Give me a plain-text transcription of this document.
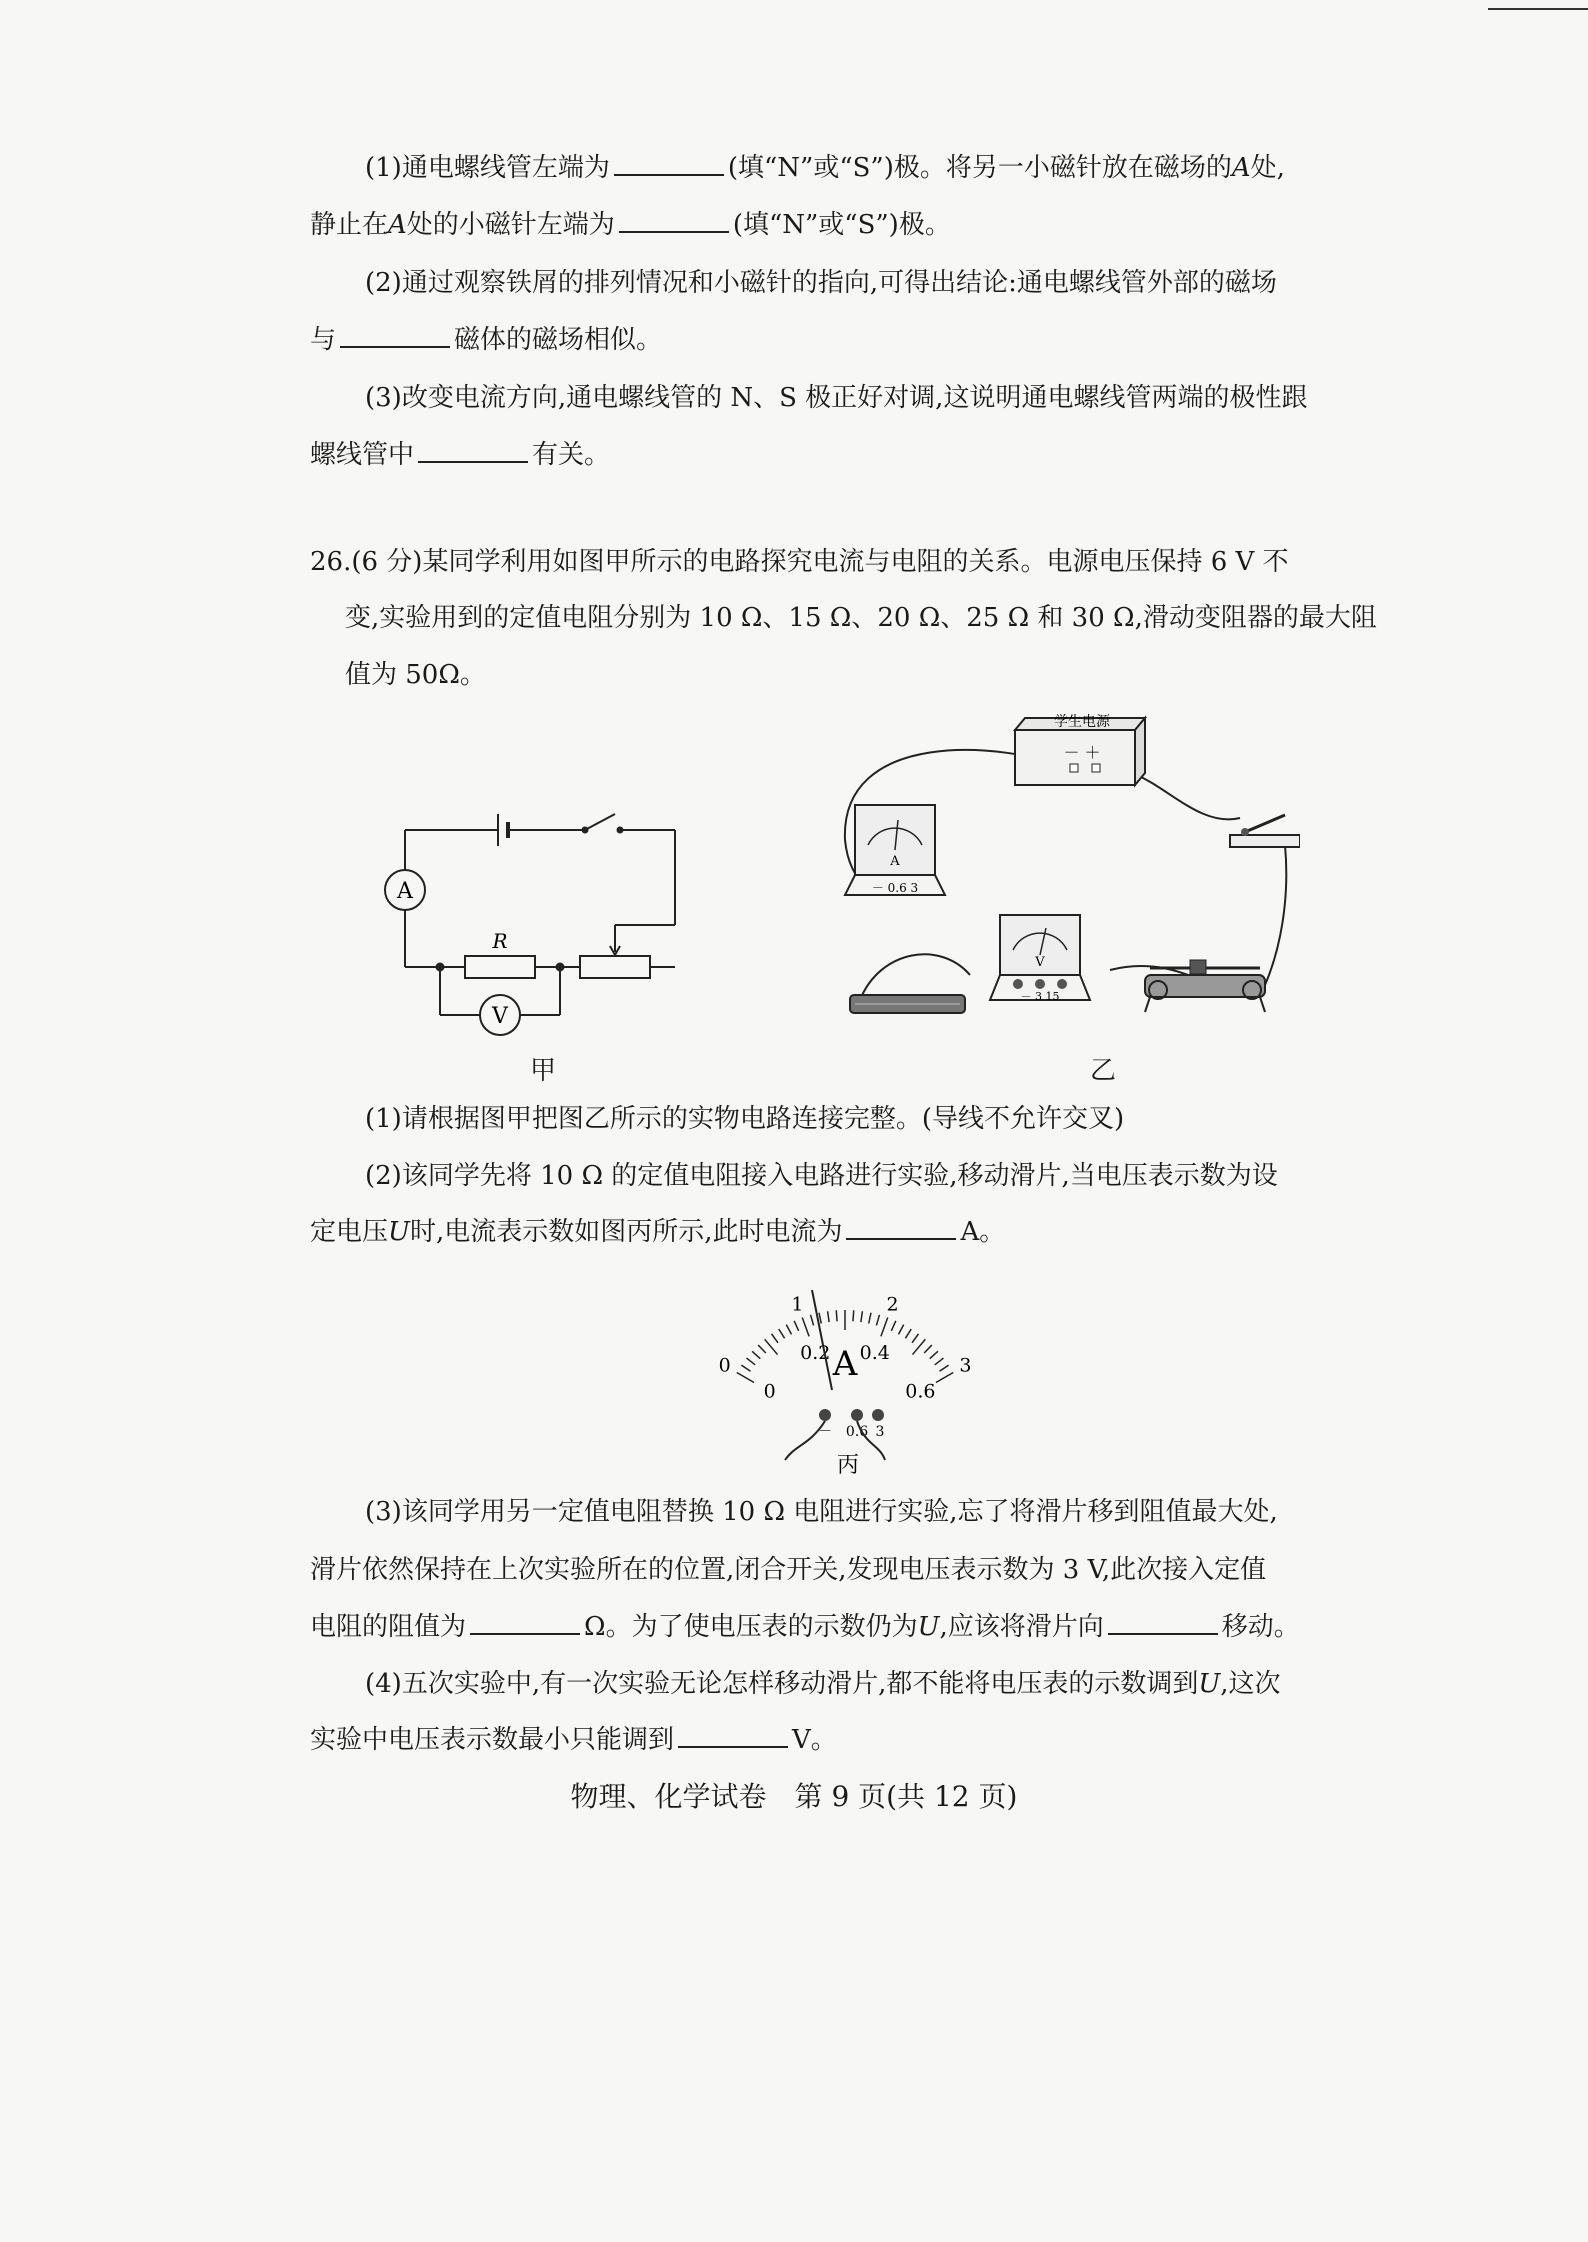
(1)通电螺线管左端为	(填“N”或“S”)极。将另一小磁针放在磁场的A处,
静止在A处的小磁针左端为	(填“N”或“S”)极。
(2)通过观察铁屑的排列情况和小磁针的指向,可得出结论:通电螺线管外部的磁场
与	磁体的磁场相似。
(3)改变电流方向,通电螺线管的 N、S 极正好对调,这说明通电螺线管两端的极性跟
螺线管中	有关。
26.(6 分)某同学利用如图甲所示的电路探究电流与电阻的关系。电源电压保持 6 V 不
变,实验用到的定值电阻分别为 10 Ω、15 Ω、20 Ω、25 Ω 和 30 Ω,滑动变阻器的最大阻
值为 50Ω。
A
V
R
甲
学生电源
－ ＋
A
－ 0.6 3
V
－ 3 15
乙
(1)请根据图甲把图乙所示的实物电路连接完整。(导线不允许交叉)
(2)该同学先将 10 Ω 的定值电阻接入电路进行实验,移动滑片,当电压表示数为设
定电压U时,电流表示数如图丙所示,此时电流为	A。
0
1	2
3
0
0.2 0.4
0.6
A
－ 0.6 3
丙
(3)该同学用另一定值电阻替换 10 Ω 电阻进行实验,忘了将滑片移到阻值最大处,
滑片依然保持在上次实验所在的位置,闭合开关,发现电压表示数为 3 V,此次接入定值
电阻的阻值为	Ω。为了使电压表的示数仍为U,应该将滑片向	移动。
(4)五次实验中,有一次实验无论怎样移动滑片,都不能将电压表的示数调到U,这次
实验中电压表示数最小只能调到	V。
物理、化学试卷　第 9 页(共 12 页)
